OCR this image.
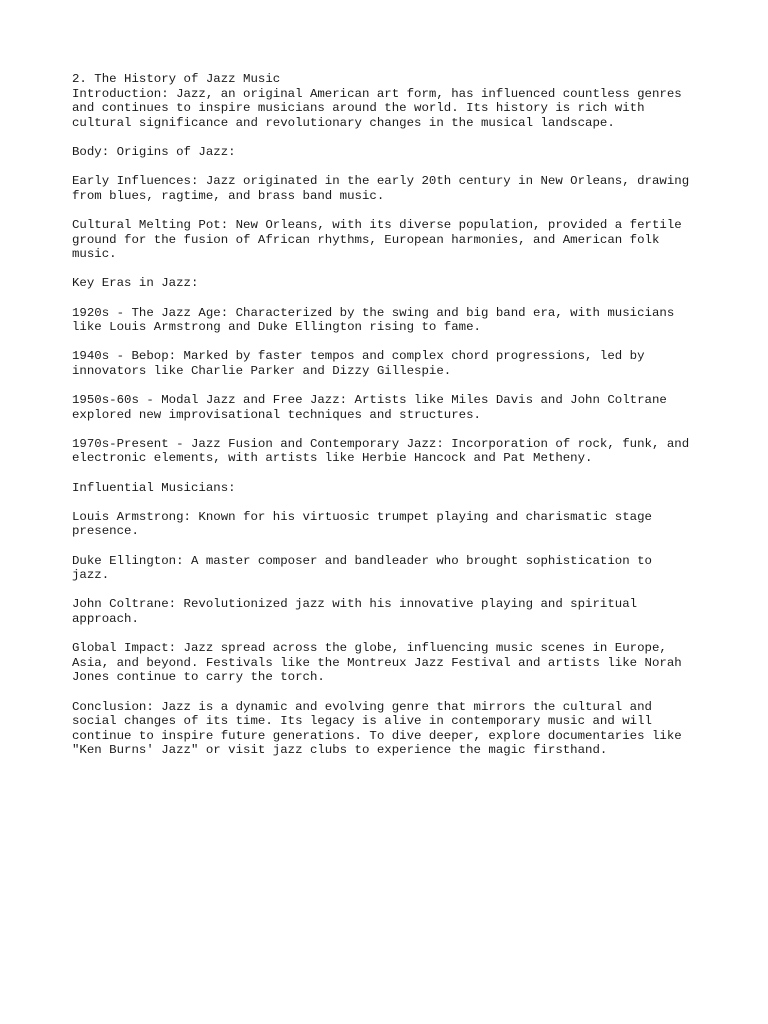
2. The History of Jazz Music
Introduction: Jazz, an original American art form, has influenced countless genres
and continues to inspire musicians around the world. Its history is rich with
cultural significance and revolutionary changes in the musical landscape.
Body: Origins of Jazz:
Early Influences: Jazz originated in the early 20th century in New Orleans, drawing
from blues, ragtime, and brass band music.
Cultural Melting Pot: New Orleans, with its diverse population, provided a fertile
ground for the fusion of African rhythms, European harmonies, and American folk
music.
Key Eras in Jazz:
1920s - The Jazz Age: Characterized by the swing and big band era, with musicians
like Louis Armstrong and Duke Ellington rising to fame.
1940s - Bebop: Marked by faster tempos and complex chord progressions, led by
innovators like Charlie Parker and Dizzy Gillespie.
1950s-60s - Modal Jazz and Free Jazz: Artists like Miles Davis and John Coltrane
explored new improvisational techniques and structures.
1970s-Present - Jazz Fusion and Contemporary Jazz: Incorporation of rock, funk, and
electronic elements, with artists like Herbie Hancock and Pat Metheny.
Influential Musicians:
Louis Armstrong: Known for his virtuosic trumpet playing and charismatic stage
presence.
Duke Ellington: A master composer and bandleader who brought sophistication to
jazz.
John Coltrane: Revolutionized jazz with his innovative playing and spiritual
approach.
Global Impact: Jazz spread across the globe, influencing music scenes in Europe,
Asia, and beyond. Festivals like the Montreux Jazz Festival and artists like Norah
Jones continue to carry the torch.
Conclusion: Jazz is a dynamic and evolving genre that mirrors the cultural and
social changes of its time. Its legacy is alive in contemporary music and will
continue to inspire future generations. To dive deeper, explore documentaries like
"Ken Burns' Jazz" or visit jazz clubs to experience the magic firsthand.
